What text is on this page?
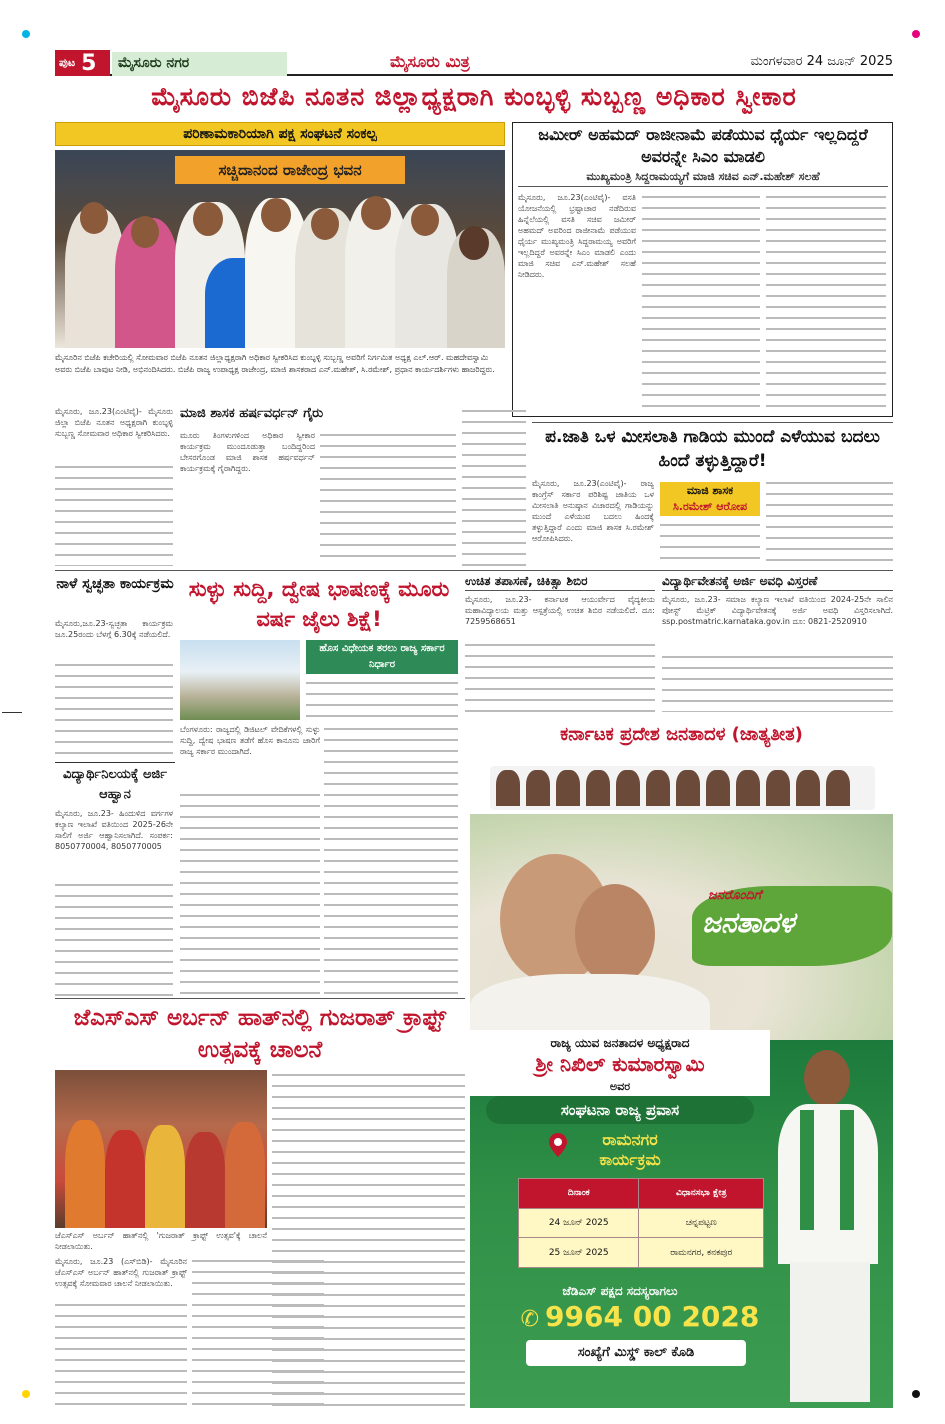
ಪುಟ 5	ಮೈಸೂರು ನಗರ	ಮೈಸೂರು ಮಿತ್ರ	ಮಂಗಳವಾರ 24 ಜೂನ್ 2025
ಮೈಸೂರು ಬಿಜೆಪಿ ನೂತನ ಜಿಲ್ಲಾಧ್ಯಕ್ಷರಾಗಿ ಕುಂಬ್ಳಳ್ಳಿ ಸುಬ್ಬಣ್ಣ ಅಧಿಕಾರ ಸ್ವೀಕಾರ
ಪರಿಣಾಮಕಾರಿಯಾಗಿ ಪಕ್ಷ ಸಂಘಟನೆ ಸಂಕಲ್ಪ
ಸಚ್ಚಿದಾನಂದ ರಾಜೇಂದ್ರ ಭವನ
ಮೈಸೂರಿನ ಬಿಜೆಪಿ ಕಚೇರಿಯಲ್ಲಿ ಸೋಮವಾರ ಬಿಜೆಪಿ ನೂತನ ಜಿಲ್ಲಾಧ್ಯಕ್ಷರಾಗಿ ಅಧಿಕಾರ ಸ್ವೀಕರಿಸಿದ ಕುಂಬ್ಳಳ್ಳಿ ಸುಬ್ಬಣ್ಣ ಅವರಿಗೆ ನಿರ್ಗಮಿತ ಅಧ್ಯಕ್ಷ ಎಲ್.ಆರ್. ಮಹದೇವಸ್ವಾಮಿ ಅವರು ಬಿಜೆಪಿ ಬಾವುಟ ನೀಡಿ, ಅಭಿನಂದಿಸಿದರು. ಬಿಜೆಪಿ ರಾಜ್ಯ ಉಪಾಧ್ಯಕ್ಷ ರಾಜೇಂದ್ರ, ಮಾಜಿ ಶಾಸಕರಾದ ಎನ್.ಮಹೇಶ್, ಸಿ.ರಮೇಶ್, ಪ್ರಧಾನ ಕಾರ್ಯದರ್ಶಿಗಳು ಹಾಜರಿದ್ದರು.
ಜಮೀರ್ ಅಹಮದ್ ರಾಜೀನಾಮೆ ಪಡೆಯುವ ಧೈರ್ಯ ಇಲ್ಲದಿದ್ದರೆ ಅವರನ್ನೇ ಸಿಎಂ ಮಾಡಲಿ
ಮುಖ್ಯಮಂತ್ರಿ ಸಿದ್ದರಾಮಯ್ಯಗೆ ಮಾಜಿ ಸಚಿವ ಎನ್.ಮಹೇಶ್ ಸಲಹೆ
ಮೈಸೂರು, ಜೂ.23(ಎಂಟಿವೈ)- ವಸತಿ ಯೋಜನೆಯಲ್ಲಿ ಭ್ರಷ್ಟಾಚಾರ ನಡೆದಿರುವ ಹಿನ್ನೆಲೆಯಲ್ಲಿ ವಸತಿ ಸಚಿವ ಜಮೀರ್ ಅಹಮದ್ ಅವರಿಂದ ರಾಜೀನಾಮೆ ಪಡೆಯುವ ಧೈರ್ಯ ಮುಖ್ಯಮಂತ್ರಿ ಸಿದ್ದರಾಮಯ್ಯ ಅವರಿಗೆ ಇಲ್ಲದಿದ್ದರೆ ಅವರನ್ನೇ ಸಿಎಂ ಮಾಡಲಿ ಎಂದು ಮಾಜಿ ಸಚಿವ ಎನ್.ಮಹೇಶ್ ಸಲಹೆ ನೀಡಿದರು.
ಮೈಸೂರು, ಜೂ.23(ಎಂಟಿವೈ)- ಮೈಸೂರು ಜಿಲ್ಲಾ ಬಿಜೆಪಿ ನೂತನ ಅಧ್ಯಕ್ಷರಾಗಿ ಕುಂಬ್ಳಳ್ಳಿ ಸುಬ್ಬಣ್ಣ ಸೋಮವಾರ ಅಧಿಕಾರ ಸ್ವೀಕರಿಸಿದರು.
ಮಾಜಿ ಶಾಸಕ ಹರ್ಷವರ್ಧನ್ ಗೈರು
ಮೂರು ತಿಂಗಳುಗಳಿಂದ ಅಧಿಕಾರ ಸ್ವೀಕಾರ ಕಾರ್ಯಕ್ರಮ ಮುಂದೂಡುತ್ತಾ ಬಂದಿದ್ದರಿಂದ ಬೇಸರಗೊಂಡ ಮಾಜಿ ಶಾಸಕ ಹರ್ಷವರ್ಧನ್ ಕಾರ್ಯಕ್ರಮಕ್ಕೆ ಗೈರಾಗಿದ್ದರು.
ಪ.ಜಾತಿ ಒಳ ಮೀಸಲಾತಿ ಗಾಡಿಯ ಮುಂದೆ ಎಳೆಯುವ ಬದಲು ಹಿಂದೆ ತಳ್ಳುತ್ತಿದ್ದಾರೆ!
ಮಾಜಿ ಶಾಸಕ
ಸಿ.ರಮೇಶ್ ಆರೋಪ
ಮೈಸೂರು, ಜೂ.23(ಎಂಟಿವೈ)- ರಾಜ್ಯ ಕಾಂಗ್ರೆಸ್ ಸರ್ಕಾರ ಪರಿಶಿಷ್ಟ ಜಾತಿಯ ಒಳ ಮೀಸಲಾತಿ ಅನುಷ್ಠಾನ ವಿಚಾರದಲ್ಲಿ ಗಾಡಿಯನ್ನು ಮುಂದೆ ಎಳೆಯುವ ಬದಲು ಹಿಂದಕ್ಕೆ ತಳ್ಳುತ್ತಿದ್ದಾರೆ ಎಂದು ಮಾಜಿ ಶಾಸಕ ಸಿ.ರಮೇಶ್ ಆರೋಪಿಸಿದರು.
ನಾಳೆ ಸ್ವಚ್ಛತಾ ಕಾರ್ಯಕ್ರಮ
ಮೈಸೂರು,ಜೂ.23-ಸ್ವಚ್ಛತಾ ಕಾರ್ಯಕ್ರಮ ಜೂ.25ರಂದು ಬೆಳಗ್ಗೆ 6.30ಕ್ಕೆ ನಡೆಯಲಿದೆ.
ವಿದ್ಯಾರ್ಥಿನಿಲಯಕ್ಕೆ ಅರ್ಜಿ ಆಹ್ವಾನ
ಮೈಸೂರು, ಜೂ.23- ಹಿಂದುಳಿದ ವರ್ಗಗಳ ಕಲ್ಯಾಣ ಇಲಾಖೆ ವತಿಯಿಂದ 2025-26ನೇ ಸಾಲಿಗೆ ಅರ್ಜಿ ಆಹ್ವಾನಿಸಲಾಗಿದೆ. ಸಂಪರ್ಕ: 8050770004, 8050770005
ಸುಳ್ಳು ಸುದ್ದಿ, ದ್ವೇಷ ಭಾಷಣಕ್ಕೆ ಮೂರು ವರ್ಷ ಜೈಲು ಶಿಕ್ಷೆ!
ಹೊಸ ವಿಧೇಯಕ ತರಲು ರಾಜ್ಯ ಸರ್ಕಾರ ನಿರ್ಧಾರ
ಬೆಂಗಳೂರು: ರಾಜ್ಯದಲ್ಲಿ ಡಿಜಿಟಲ್ ವೇದಿಕೆಗಳಲ್ಲಿ ಸುಳ್ಳು ಸುದ್ದಿ, ದ್ವೇಷ ಭಾಷಣ ತಡೆಗೆ ಹೊಸ ಕಾನೂನು ಜಾರಿಗೆ ರಾಜ್ಯ ಸರ್ಕಾರ ಮುಂದಾಗಿದೆ.
ಉಚಿತ ತಪಾಸಣೆ, ಚಿಕಿತ್ಸಾ ಶಿಬಿರ
ಮೈಸೂರು, ಜೂ.23- ಕರ್ನಾಟಕ ಆಯುರ್ವೇದ ವೈದ್ಯಕೀಯ ಮಹಾವಿದ್ಯಾಲಯ ಮತ್ತು ಆಸ್ಪತ್ರೆಯಲ್ಲಿ ಉಚಿತ ಶಿಬಿರ ನಡೆಯಲಿದೆ. ದೂ: 7259568651
ವಿದ್ಯಾರ್ಥಿವೇತನಕ್ಕೆ ಅರ್ಜಿ ಅವಧಿ ವಿಸ್ತರಣೆ
ಮೈಸೂರು, ಜೂ.23- ಸಮಾಜ ಕಲ್ಯಾಣ ಇಲಾಖೆ ವತಿಯಿಂದ 2024-25ನೇ ಸಾಲಿನ ಪೋಸ್ಟ್ ಮೆಟ್ರಿಕ್ ವಿದ್ಯಾರ್ಥಿವೇತನಕ್ಕೆ ಅರ್ಜಿ ಅವಧಿ ವಿಸ್ತರಿಸಲಾಗಿದೆ. ssp.postmatric.karnataka.gov.in ದೂ: 0821-2520910
ಕರ್ನಾಟಕ ಪ್ರದೇಶ ಜನತಾದಳ (ಜಾತ್ಯತೀತ)
ಜನರೊಂದಿಗೆ
ಜನತಾದಳ
ರಾಜ್ಯ ಯುವ ಜನತಾದಳ ಅಧ್ಯಕ್ಷರಾದ
ಶ್ರೀ ನಿಖಿಲ್ ಕುಮಾರಸ್ವಾಮಿ
ಅವರ
ಸಂಘಟನಾ ರಾಜ್ಯ ಪ್ರವಾಸ
ರಾಮನಗರ
ಕಾರ್ಯಕ್ರಮ
ದಿನಾಂಕ	ವಿಧಾನಸಭಾ ಕ್ಷೇತ್ರ
24 ಜೂನ್ 2025	ಚನ್ನಪಟ್ಟಣ
25 ಜೂನ್ 2025	ರಾಮನಗರ, ಕನಕಪುರ
ಜೆಡಿಎಸ್ ಪಕ್ಷದ ಸದಸ್ಯರಾಗಲು
✆ 9964 00 2028
ಸಂಖ್ಯೆಗೆ ಮಿಸ್ಡ್ ಕಾಲ್ ಕೊಡಿ
ಜೆಎಸ್‌ಎಸ್ ಅರ್ಬನ್ ಹಾತ್‌ನಲ್ಲಿ ಗುಜರಾತ್ ಕ್ರಾಫ್ಟ್ ಉತ್ಸವಕ್ಕೆ ಚಾಲನೆ
ಜೆಎಸ್‌ಎಸ್ ಅರ್ಬನ್ ಹಾತ್‌ನಲ್ಲಿ 'ಗುಜರಾತ್ ಕ್ರಾಫ್ಟ್ ಉತ್ಸವ'ಕ್ಕೆ ಚಾಲನೆ ನೀಡಲಾಯಿತು.
ಮೈಸೂರು, ಜೂ.23 (ಎಸ್‌ಬಿಡಿ)- ಮೈಸೂರಿನ ಜೆಎಸ್‌ಎಸ್ ಅರ್ಬನ್ ಹಾತ್‌ನಲ್ಲಿ ಗುಜರಾತ್ ಕ್ರಾಫ್ಟ್ ಉತ್ಸವಕ್ಕೆ ಸೋಮವಾರ ಚಾಲನೆ ನೀಡಲಾಯಿತು.
